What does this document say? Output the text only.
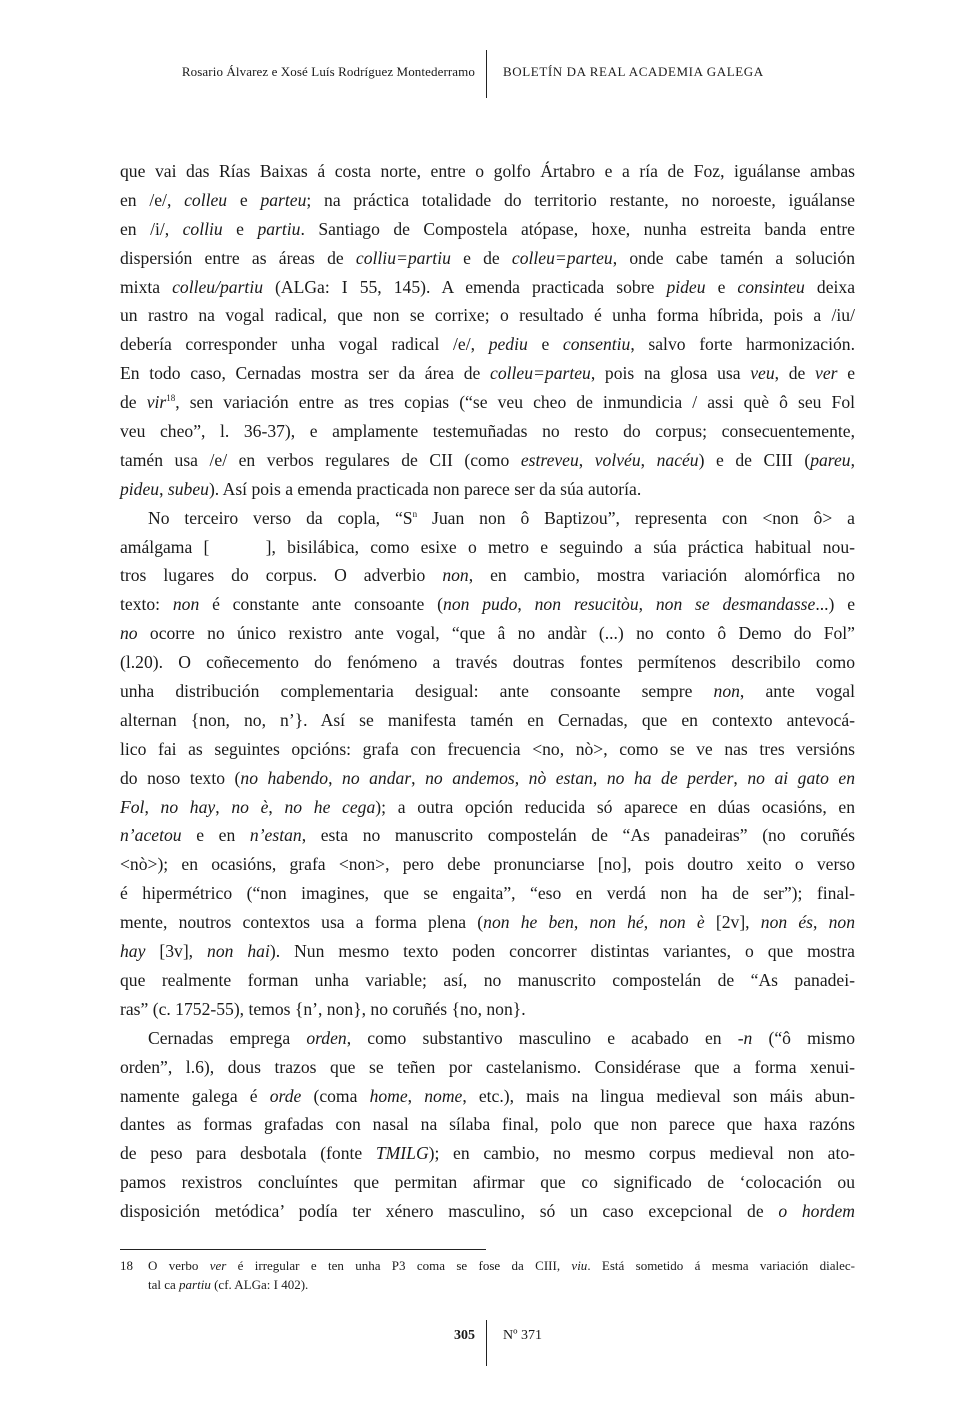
Rosario Álvarez e Xosé Luís Rodríguez Montederramo BOLETÍN DA REAL ACADEMIA GALEGA
que vai das Rías Baixas á costa norte, entre o golfo Ártabro e a ría de Foz, iguálanse ambas
en /e/, colleu e parteu; na práctica totalidade do territorio restante, no noroeste, iguálanse
en /i/, colliu e partiu. Santiago de Compostela atópase, hoxe, nunha estreita banda entre
dispersión entre as áreas de colliu=partiu e de colleu=parteu, onde cabe tamén a solución
mixta colleu/partiu (ALGa: I 55, 145). A emenda practicada sobre pideu e consinteu deixa
un rastro na vogal radical, que non se corrixe; o resultado é unha forma híbrida, pois a /iu/
debería corresponder unha vogal radical /e/, pediu e consentiu, salvo forte harmonización.
En todo caso, Cernadas mostra ser da área de colleu=parteu, pois na glosa usa veu, de ver e
de vir$^{18}$, sen variación entre as tres copias (“se veu cheo de inmundicia / assi què ô seu Fol
veu cheo”, l. 36-37), e amplamente testemuñadas no resto do corpus; consecuentemente,
tamén usa /e/ en verbos regulares de CII (como estreveu, volvéu, nacéu) e de CIII (pareu,
pideu, subeu). Así pois a emenda practicada non parece ser da súa autoría.
No terceiro verso da copla, “$S^n$ Juan non ô Baptizou”, representa con <non ô> a
amálgama [     ], bisilábica, como esixe o metro e seguindo a súa práctica habitual nou-
tros lugares do corpus. O adverbio non, en cambio, mostra variación alomórfica no
texto: non é constante ante consoante (non pudo, non resucitòu, non se desmandasse...) e
no ocorre no único rexistro ante vogal, “que â no andàr (...) no conto ô Demo do Fol”
(l.20). O coñecemento do fenómeno a través doutras fontes permítenos describilo como
unha distribución complementaria desigual: ante consoante sempre non, ante vogal
alternan {non, no, n’}. Así se manifesta tamén en Cernadas, que en contexto antevocá-
lico fai as seguintes opcións: grafa con frecuencia <no, nò>, como se ve nas tres versións
do noso texto (no habendo, no andar, no andemos, nò estan, no ha de perder, no ai gato en
Fol, no hay, no è, no he cega); a outra opción reducida só aparece en dúas ocasións, en
n’acetou e en n’estan, esta no manuscrito compostelán de “As panadeiras” (no coruñés
<nò>); en ocasións, grafa <non>, pero debe pronunciarse [no], pois doutro xeito o verso
é hipermétrico (“non imagines, que se engaita”, “eso en verdá non ha de ser”); final-
mente, noutros contextos usa a forma plena (non he ben, non hé, non è [2v], non és, non
hay [3v], non hai). Nun mesmo texto poden concorrer distintas variantes, o que mostra
que realmente forman unha variable; así, no manuscrito compostelán de “As panadei-
ras” (c. 1752-55), temos {n’, non}, no coruñés {no, non}.
Cernadas emprega orden, como substantivo masculino e acabado en -n (“ô mismo
orden”, l.6), dous trazos que se teñen por castelanismo. Considérase que a forma xenui-
namente galega é orde (coma home, nome, etc.), mais na lingua medieval son máis abun-
dantes as formas grafadas con nasal na sílaba final, polo que non parece que haxa razóns
de peso para desbotala (fonte TMILG); en cambio, no mesmo corpus medieval non ato-
pamos rexistros concluíntes que permitan afirmar que co significado de ‘colocación ou
disposición metódica’ podía ter xénero masculino, só un caso excepcional de o hordem
18 O verbo ver é irregular e ten unha P3 coma se fose da CIII, viu. Está sometido á mesma variación dialec-
tal ca partiu (cf. ALGa: I 402).
305 Nº 371
